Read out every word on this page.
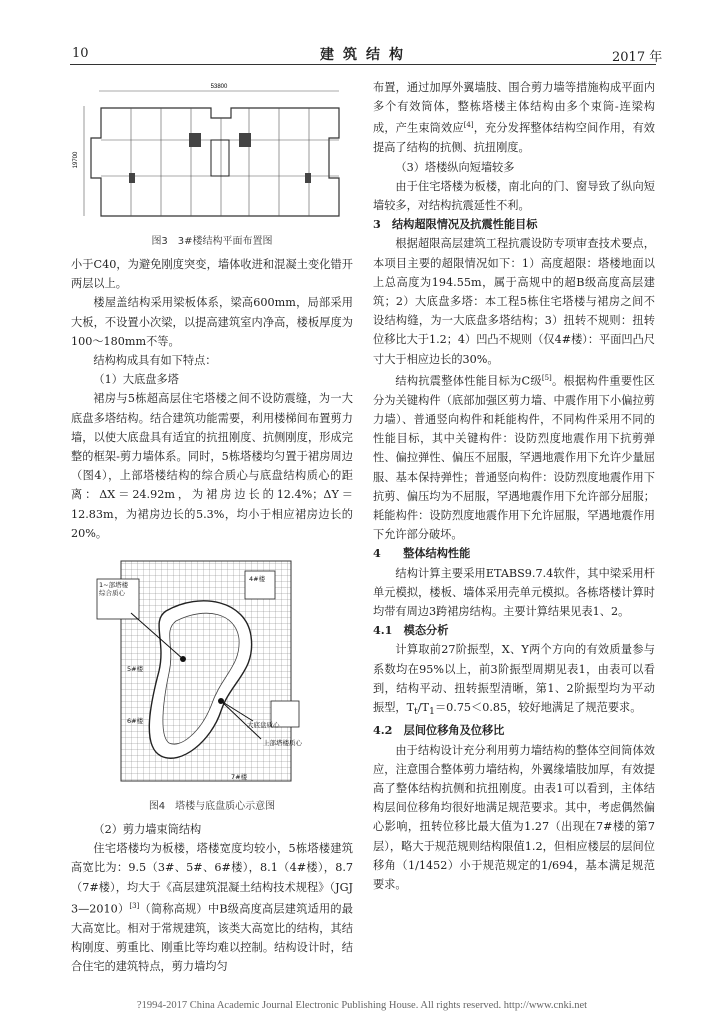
10	建筑结构	2017 年
53800
19700
图3　3#楼结构平面布置图

小于C40，为避免刚度突变，墙体收进和混凝土变化错开两层以上。

楼屋盖结构采用梁板体系，梁高600mm，局部采用大板，不设置小次梁，以提高建筑室内净高，楼板厚度为100～180mm不等。

结构构成具有如下特点：

（1）大底盘多塔

裙房与5栋超高层住宅塔楼之间不设防震缝，为一大底盘多塔结构。结合建筑功能需要，利用楼梯间布置剪力墙，以使大底盘具有适宜的抗扭刚度、抗侧刚度，形成完整的框架-剪力墙体系。同时，5栋塔楼均匀置于裙房周边（图4），上部塔楼结构的综合质心与底盘结构质心的距离：ΔX＝24.92m，为裙房边长的12.4%；ΔY＝12.83m，为裙房边长的5.3%，均小于相应裙房边长的20%。

1~部塔楼综合质心
4#楼
5#楼
6#楼
7#楼
大底盘质心
上部塔楼质心
图4　塔楼与底盘质心示意图

（2）剪力墙束筒结构

住宅塔楼均为板楼，塔楼宽度均较小，5栋塔楼建筑高宽比为：9.5（3#、5#、6#楼），8.1（4#楼），8.7（7#楼），均大于《高层建筑混凝土结构技术规程》（JGJ 3—2010）[3]（简称高规）中B级高度高层建筑适用的最大高宽比。相对于常规建筑，该类大高宽比的结构，其结构刚度、剪重比、刚重比等均难以控制。结构设计时，结合住宅的建筑特点，剪力墙均匀

布置，通过加厚外翼墙肢、围合剪力墙等措施构成平面内多个有效筒体，整栋塔楼主体结构由多个束筒-连梁构成，产生束筒效应[4]，充分发挥整体结构空间作用，有效提高了结构的抗侧、抗扭刚度。

（3）塔楼纵向短墙较多

由于住宅塔楼为板楼，南北向的门、窗导致了纵向短墙较多，对结构抗震延性不利。

3　结构超限情况及抗震性能目标

根据超限高层建筑工程抗震设防专项审查技术要点，本项目主要的超限情况如下：1）高度超限：塔楼地面以上总高度为194.55m，属于高规中的超B级高度高层建筑；2）大底盘多塔：本工程5栋住宅塔楼与裙房之间不设结构缝，为一大底盘多塔结构；3）扭转不规则：扭转位移比大于1.2；4）凹凸不规则（仅4#楼）：平面凹凸尺寸大于相应边长的30%。

结构抗震整体性能目标为C级[5]。根据构件重要性区分为关键构件（底部加强区剪力墙、中震作用下小偏拉剪力墙）、普通竖向构件和耗能构件，不同构件采用不同的性能目标，其中关键构件：设防烈度地震作用下抗剪弹性、偏拉弹性、偏压不屈服，罕遇地震作用下允许少量屈服、基本保持弹性；普通竖向构件：设防烈度地震作用下抗剪、偏压均为不屈服，罕遇地震作用下允许部分屈服；耗能构件：设防烈度地震作用下允许屈服，罕遇地震作用下允许部分破坏。

4　　整体结构性能

结构计算主要采用ETABS9.7.4软件，其中梁采用杆单元模拟，楼板、墙体采用壳单元模拟。各栋塔楼计算时均带有周边3跨裙房结构。主要计算结果见表1、2。

4.1　模态分析

计算取前27阶振型，X、Y两个方向的有效质量参与系数均在95%以上，前3阶振型周期见表1，由表可以看到，结构平动、扭转振型清晰，第1、2阶振型均为平动振型，$T_t/T_1=0.75<0.85$，较好地满足了规范要求。

4.2　层间位移角及位移比

由于结构设计充分利用剪力墙结构的整体空间筒体效应，注意围合整体剪力墙结构，外翼缘墙肢加厚，有效提高了整体结构抗侧和抗扭刚度。由表1可以看到，主体结构层间位移角均很好地满足规范要求。其中，考虑偶然偏心影响，扭转位移比最大值为1.27（出现在7#楼的第7层），略大于规范规则结构限值1.2，但相应楼层的层间位移角（1/1452）小于规范规定的1/694，基本满足规范要求。

?1994-2017 China Academic Journal Electronic Publishing House. All rights reserved. http://www.cnki.net
